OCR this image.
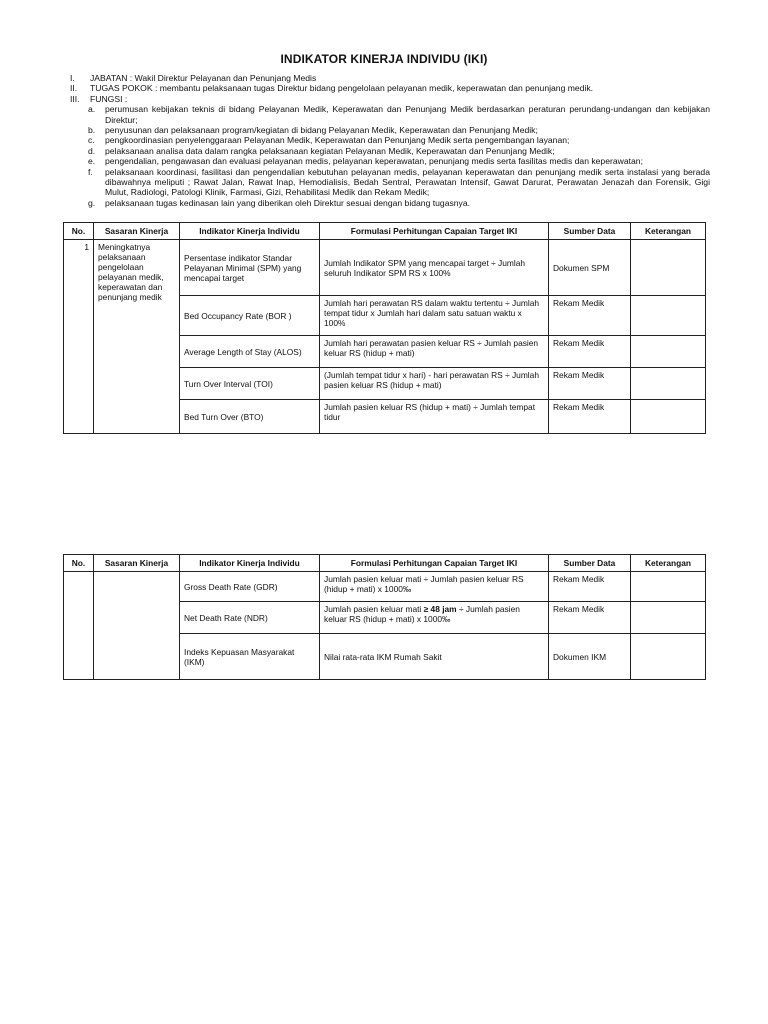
INDIKATOR KINERJA INDIVIDU (IKI)
I.	JABATAN : Wakil Direktur Pelayanan dan Penunjang Medis
II.	TUGAS POKOK : membantu pelaksanaan tugas Direktur bidang pengelolaan pelayanan medik, keperawatan dan penunjang medik.
III.	FUNGSI :
a.	perumusan kebijakan teknis di bidang Pelayanan Medik, Keperawatan dan Penunjang Medik berdasarkan peraturan perundang-undangan dan kebijakan Direktur;
b.	penyusunan dan pelaksanaan program/kegiatan di bidang Pelayanan Medik, Keperawatan dan Penunjang Medik;
c.	pengkoordinasian penyelenggaraan Pelayanan Medik, Keperawatan dan Penunjang Medik serta pengembangan layanan;
d.	pelaksanaan analisa data dalam rangka pelaksanaan kegiatan Pelayanan Medik, Keperawatan dan Penunjang Medik;
e.	pengendalian, pengawasan dan evaluasi pelayanan medis, pelayanan keperawatan, penunjang medis serta fasilitas medis dan keperawatan;
f.	pelaksanaan koordinasi, fasilitasi dan pengendalian kebutuhan pelayanan medis, pelayanan keperawatan dan penunjang medik serta instalasi yang berada dibawahnya meliputi ; Rawat Jalan, Rawat Inap, Hemodialisis, Bedah Sentral, Perawatan Intensif, Gawat Darurat, Perawatan Jenazah dan Forensik, Gigi Mulut, Radiologi, Patologi Klinik, Farmasi, Gizi, Rehabilitasi Medik dan Rekam Medik;
g.	pelaksanaan tugas kedinasan lain yang diberikan oleh Direktur sesuai dengan bidang tugasnya.
No.	Sasaran Kinerja	Indikator Kinerja Individu	Formulasi Perhitungan Capaian Target IKI	Sumber Data	Keterangan
1	Meningkatnya pelaksanaan pengelolaan pelayanan medik, keperawatan dan penunjang medik	Persentase indikator Standar Pelayanan Minimal (SPM) yang mencapai target	Jumlah Indikator SPM yang mencapai target ÷ Jumlah seluruh Indikator SPM RS x 100%	Dokumen SPM	
		Bed Occupancy Rate (BOR )	Jumlah hari perawatan RS dalam waktu tertentu ÷ Jumlah tempat tidur x Jumlah hari dalam satu satuan waktu x 100%	Rekam Medik	
		Average Length of Stay (ALOS)	Jumlah hari perawatan pasien keluar RS ÷ Jumlah pasien keluar RS (hidup + mati)	Rekam Medik	
		Turn Over Interval (TOI)	(Jumlah tempat tidur x hari) - hari perawatan RS ÷ Jumlah pasien keluar RS (hidup + mati)	Rekam Medik	
		Bed Turn Over (BTO)	Jumlah pasien keluar RS (hidup + mati) ÷ Jumlah tempat tidur	Rekam Medik	
No.	Sasaran Kinerja	Indikator Kinerja Individu	Formulasi Perhitungan Capaian Target IKI	Sumber Data	Keterangan
		Gross Death Rate (GDR)	Jumlah pasien keluar mati ÷ Jumlah pasien keluar RS (hidup + mati) x 1000‰	Rekam Medik	
		Net Death Rate (NDR)	Jumlah pasien keluar mati ≥ 48 jam ÷ Jumlah pasien keluar RS (hidup + mati) x 1000‰	Rekam Medik	
		Indeks Kepuasan Masyarakat (IKM)	Nilai rata-rata IKM Rumah Sakit	Dokumen IKM	
